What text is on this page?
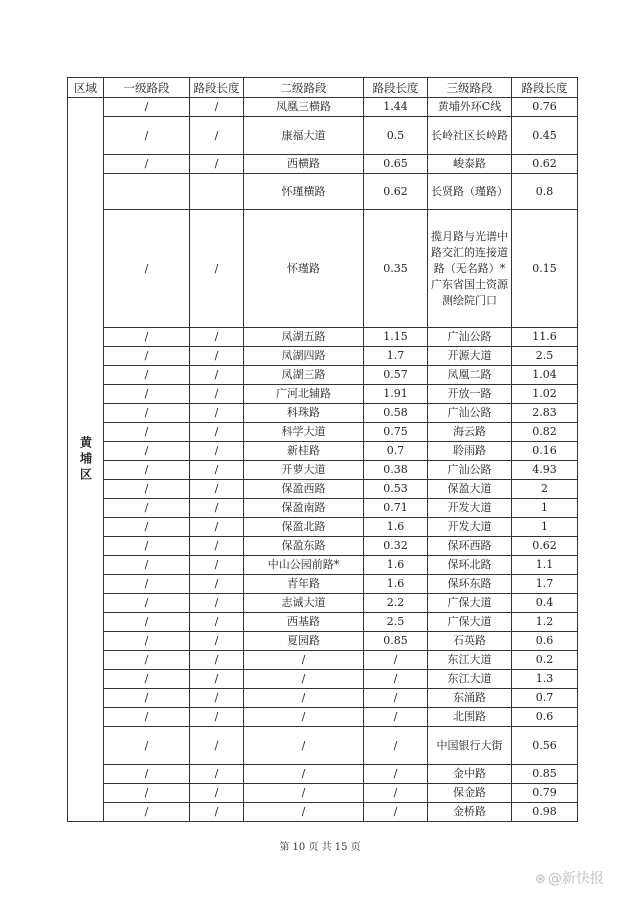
区域	一级路段	路段长度	二级路段	路段长度	三级路段	路段长度
黄埔区	/	/	凤凰三横路	1.44	黄埔外环C线	0.76
	/	/	康福大道	0.5	长岭社区长岭路	0.45
	/	/	西横路	0.65	峻泰路	0.62
			怀瑾横路	0.62	长贤路（瑾路）	0.8
	/	/	怀瑾路	0.35	揽月路与光谱中路交汇的连接道路（无名路）*广东省国土资源测绘院门口	0.15
	/	/	凤湖五路	1.15	广汕公路	11.6
	/	/	凤湖四路	1.7	开源大道	2.5
	/	/	凤湖三路	0.57	凤凰二路	1.04
	/	/	广河北辅路	1.91	开放一路	1.02
	/	/	科珠路	0.58	广汕公路	2.83
	/	/	科学大道	0.75	海云路	0.82
	/	/	新桂路	0.7	聆雨路	0.16
	/	/	开萝大道	0.38	广汕公路	4.93
	/	/	保盈西路	0.53	保盈大道	2
	/	/	保盈南路	0.71	开发大道	1
	/	/	保盈北路	1.6	开发大道	1
	/	/	保盈东路	0.32	保环西路	0.62
	/	/	中山公园前路*	1.6	保环北路	1.1
	/	/	青年路	1.6	保环东路	1.7
	/	/	志诚大道	2.2	广保大道	0.4
	/	/	西基路	2.5	广保大道	1.2
	/	/	夏园路	0.85	石英路	0.6
	/	/	/	/	东江大道	0.2
	/	/	/	/	东江大道	1.3
	/	/	/	/	东涌路	0.7
	/	/	/	/	北围路	0.6
	/	/	/	/	中国银行大街	0.56
	/	/	/	/	金中路	0.85
	/	/	/	/	保金路	0.79
	/	/	/	/	金桥路	0.98
第 10 页 共 15 页
⊛ @新快报
